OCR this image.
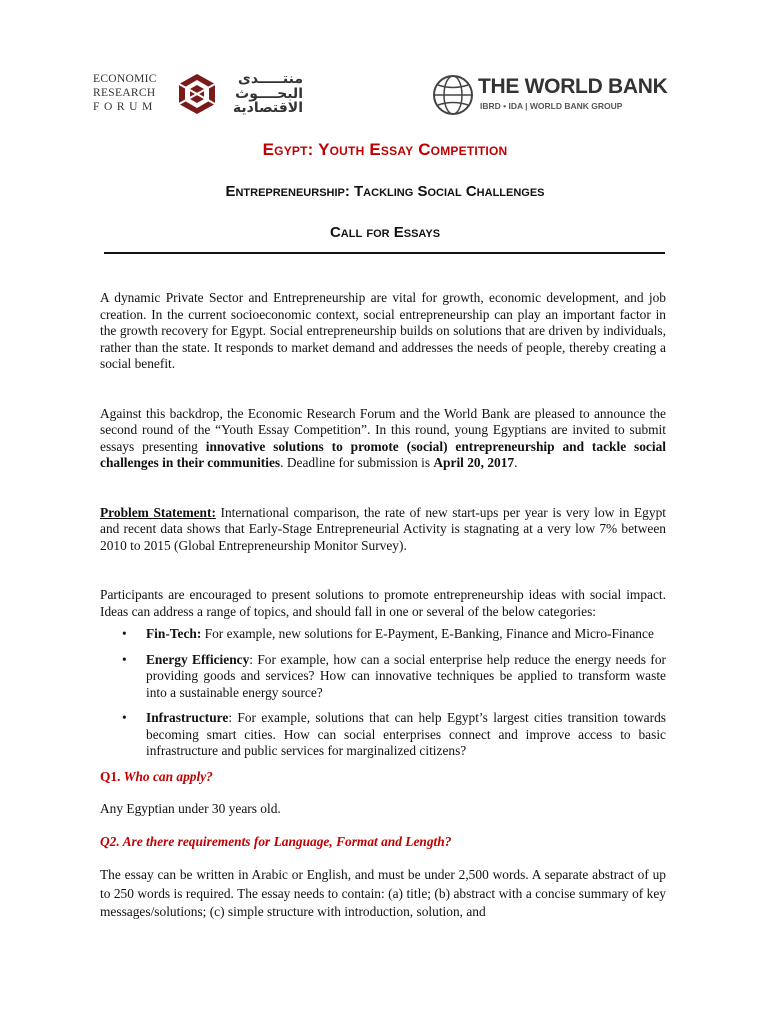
ECONOMIC
RESEARCH
FORUM
منتـــــدى
البحــــوث
الاقتصادية
THE WORLD BANK
IBRD • IDA | WORLD BANK GROUP
Egypt: Youth Essay Competition
Entrepreneurship: Tackling Social Challenges
Call for Essays

A dynamic Private Sector and Entrepreneurship are vital for growth, economic development, and job creation. In the current socioeconomic context, social entrepreneurship can play an important factor in the growth recovery for Egypt. Social entrepreneurship builds on solutions that are driven by individuals, rather than the state. It responds to market demand and addresses the needs of people, thereby creating a social benefit.

Against this backdrop, the Economic Research Forum and the World Bank are pleased to announce the second round of the “Youth Essay Competition”. In this round, young Egyptians are invited to submit essays presenting innovative solutions to promote (social) entrepreneurship and tackle social challenges in their communities. Deadline for submission is April 20, 2017.

Problem Statement: International comparison, the rate of new start-ups per year is very low in Egypt and recent data shows that Early-Stage Entrepreneurial Activity is stagnating at a very low 7% between 2010 to 2015 (Global Entrepreneurship Monitor Survey).

Participants are encouraged to present solutions to promote entrepreneurship ideas with social impact. Ideas can address a range of topics, and should fall in one or several of the below categories:

• Fin-Tech: For example, new solutions for E-Payment, E-Banking, Finance and Micro-Finance
• Energy Efficiency: For example, how can a social enterprise help reduce the energy needs for providing goods and services? How can innovative techniques be applied to transform waste into a sustainable energy source?
• Infrastructure: For example, solutions that can help Egypt’s largest cities transition towards becoming smart cities. How can social enterprises connect and improve access to basic infrastructure and public services for marginalized citizens?

Q1. Who can apply?

Any Egyptian under 30 years old.

Q2. Are there requirements for Language, Format and Length?

The essay can be written in Arabic or English, and must be under 2,500 words. A separate abstract of up to 250 words is required. The essay needs to contain: (a) title; (b) abstract with a concise summary of key messages/solutions; (c) simple structure with introduction, solution, and
